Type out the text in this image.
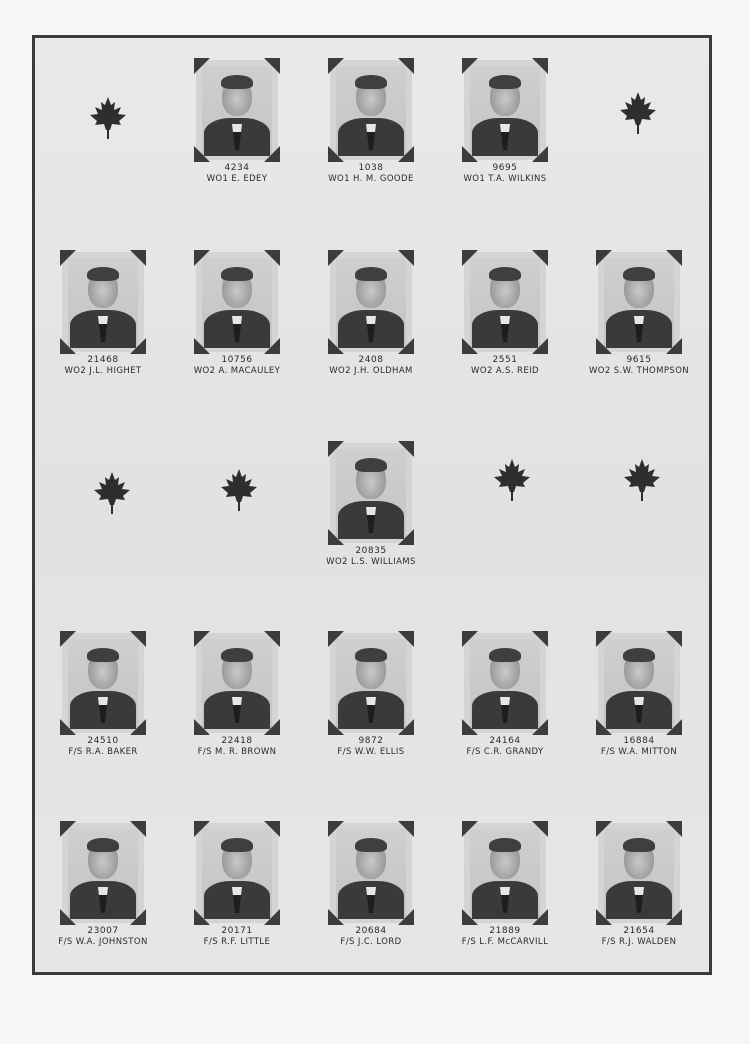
4234
WO1 E. EDEY
1038
WO1 H. M. GOODE
9695
WO1 T.A. WILKINS
21468
WO2 J.L. HIGHET
10756
WO2 A. MACAULEY
2408
WO2 J.H. OLDHAM
2551
WO2 A.S. REID
9615
WO2 S.W. THOMPSON
20835
WO2 L.S. WILLIAMS
24510
F/S R.A. BAKER
22418
F/S M. R. BROWN
9872
F/S W.W. ELLIS
24164
F/S C.R. GRANDY
16884
F/S W.A. MITTON
23007
F/S W.A. JOHNSTON
20171
F/S R.F. LITTLE
20684
F/S J.C. LORD
21889
F/S L.F. McCARVILL
21654
F/S R.J. WALDEN
